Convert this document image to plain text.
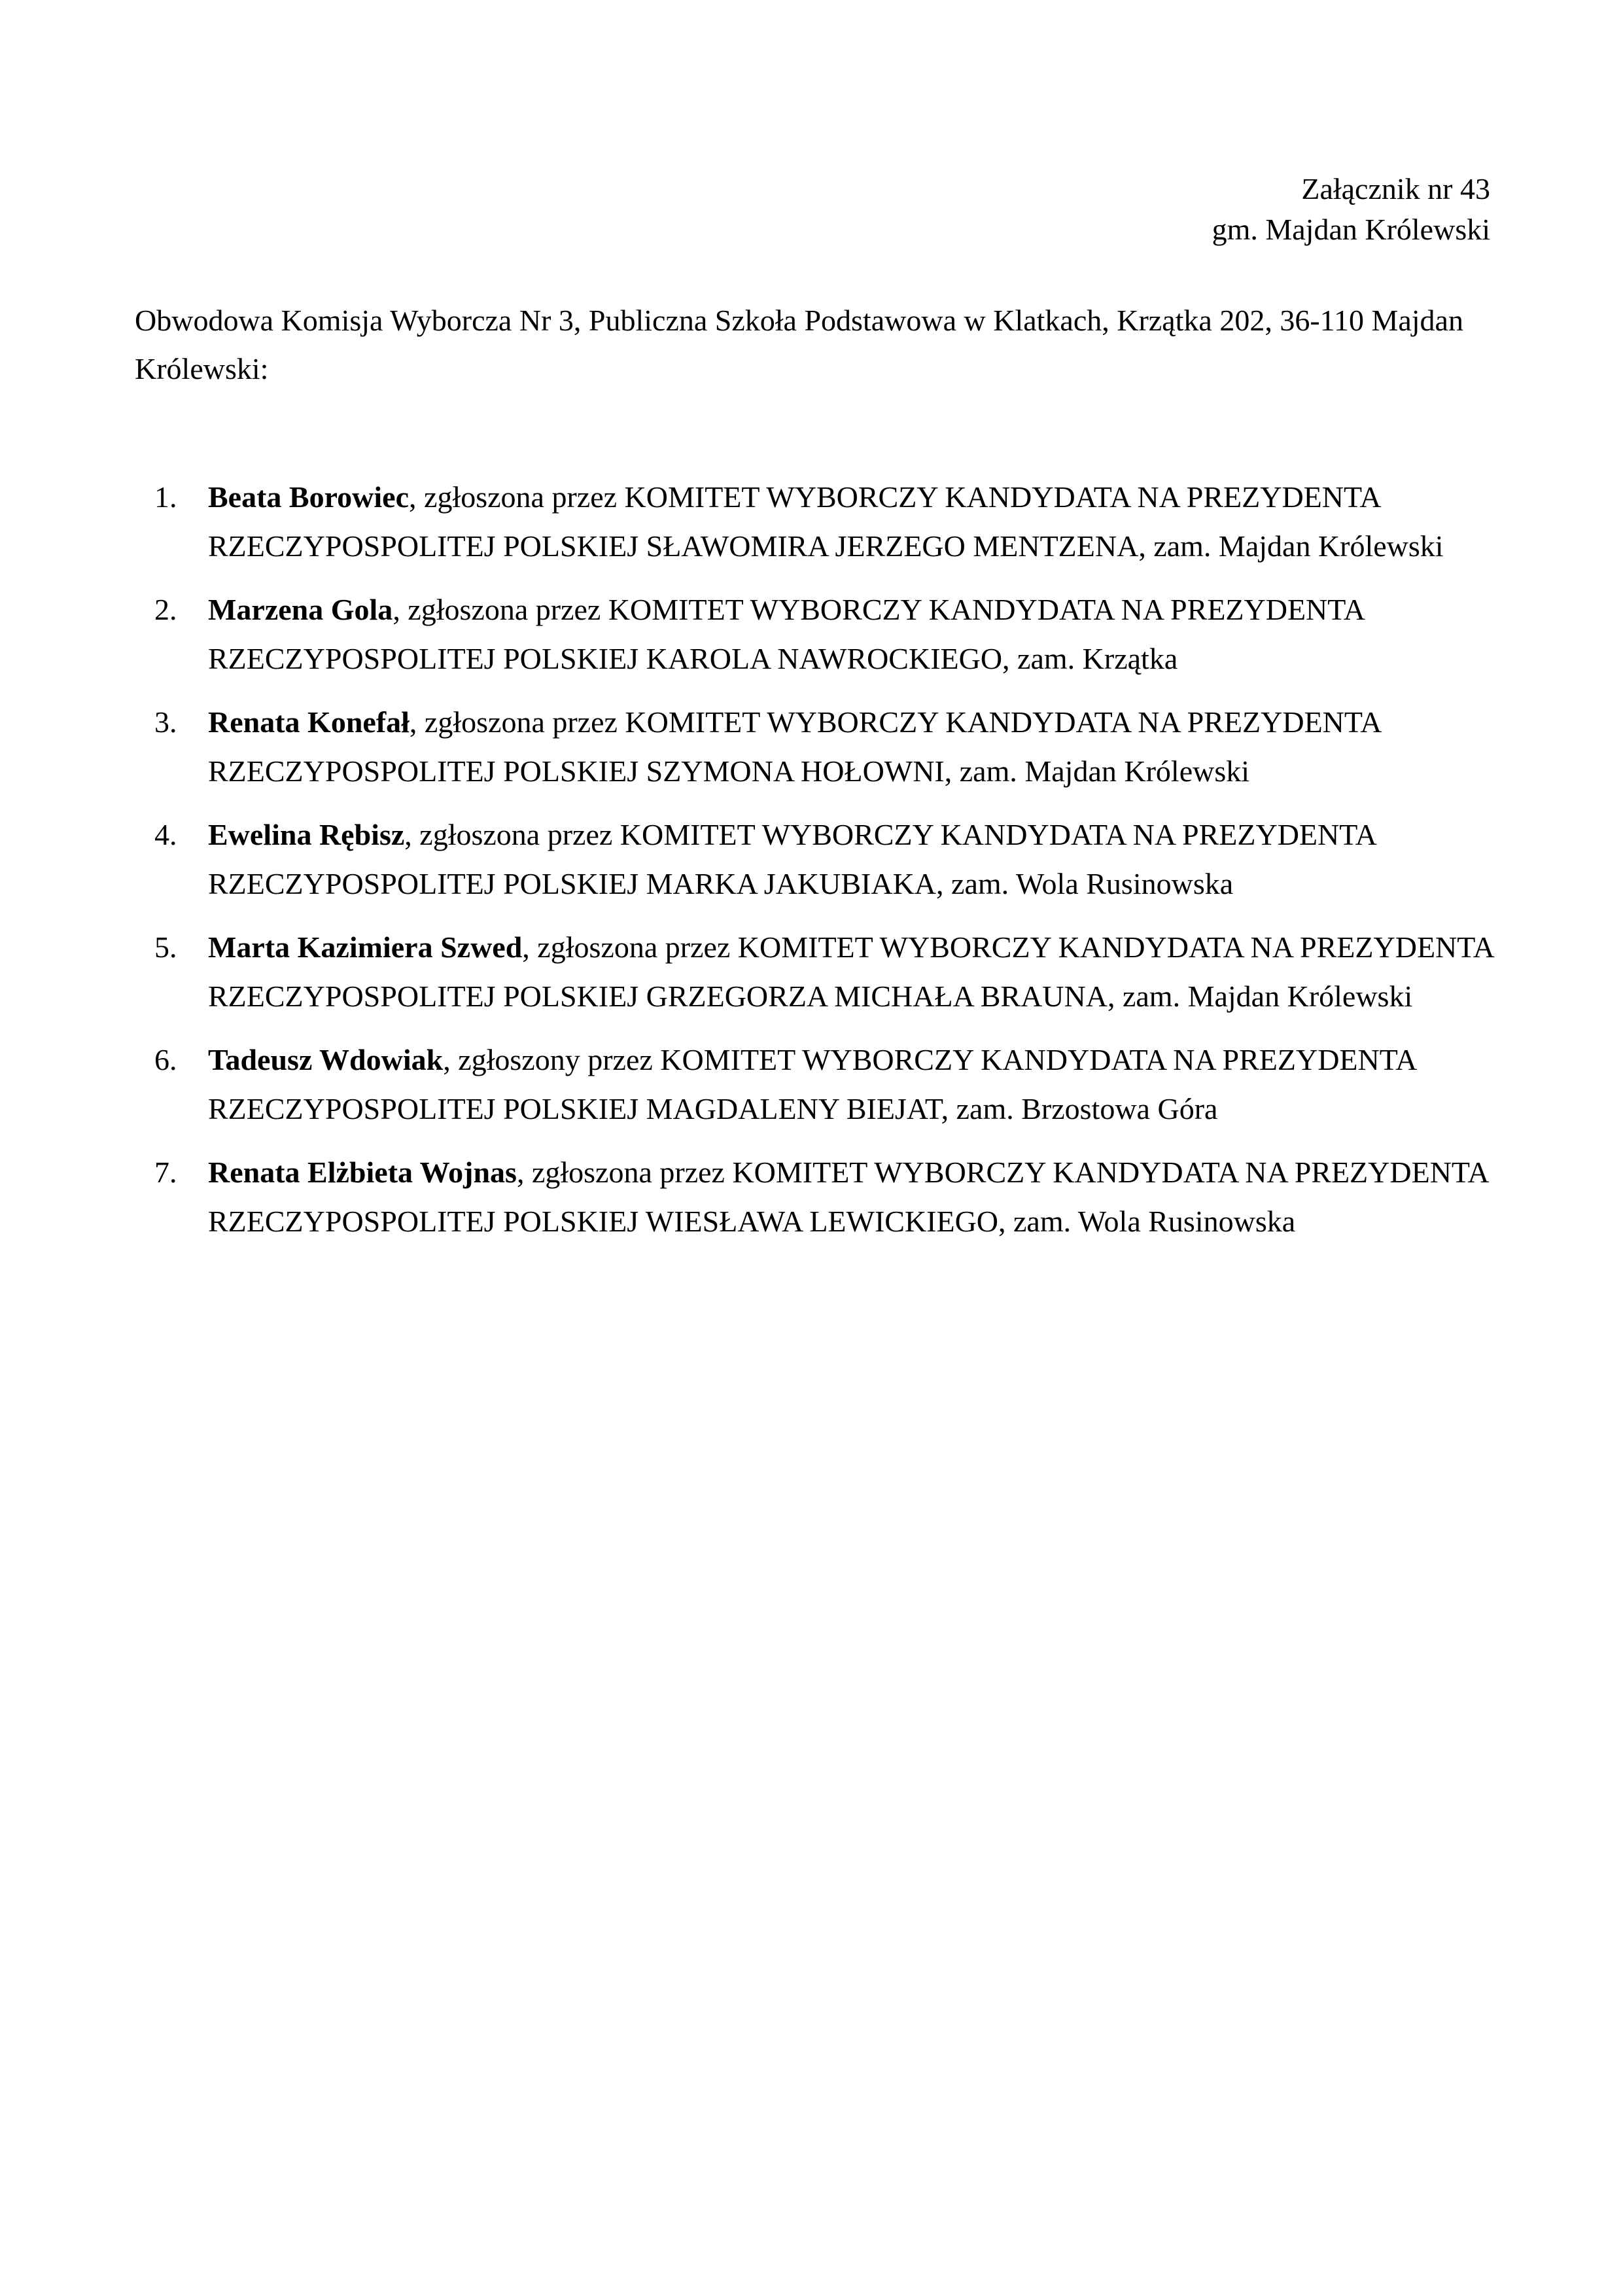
Załącznik nr 43
gm. Majdan Królewski
Obwodowa Komisja Wyborcza Nr 3, Publiczna Szkoła Podstawowa w Klatkach, Krzątka 202, 36-110 Majdan Królewski:
1. Beata Borowiec, zgłoszona przez KOMITET WYBORCZY KANDYDATA NA PREZYDENTA RZECZYPOSPOLITEJ POLSKIEJ SŁAWOMIRA JERZEGO MENTZENA, zam. Majdan Królewski
2. Marzena Gola, zgłoszona przez KOMITET WYBORCZY KANDYDATA NA PREZYDENTA RZECZYPOSPOLITEJ POLSKIEJ KAROLA NAWROCKIEGO, zam. Krzątka
3. Renata Konefał, zgłoszona przez KOMITET WYBORCZY KANDYDATA NA PREZYDENTA RZECZYPOSPOLITEJ POLSKIEJ SZYMONA HOŁOWNI, zam. Majdan Królewski
4. Ewelina Rębisz, zgłoszona przez KOMITET WYBORCZY KANDYDATA NA PREZYDENTA RZECZYPOSPOLITEJ POLSKIEJ MARKA JAKUBIAKA, zam. Wola Rusinowska
5. Marta Kazimiera Szwed, zgłoszona przez KOMITET WYBORCZY KANDYDATA NA PREZYDENTA RZECZYPOSPOLITEJ POLSKIEJ GRZEGORZA MICHAŁA BRAUNA, zam. Majdan Królewski
6. Tadeusz Wdowiak, zgłoszony przez KOMITET WYBORCZY KANDYDATA NA PREZYDENTA RZECZYPOSPOLITEJ POLSKIEJ MAGDALENY BIEJAT, zam. Brzostowa Góra
7. Renata Elżbieta Wojnas, zgłoszona przez KOMITET WYBORCZY KANDYDATA NA PREZYDENTA RZECZYPOSPOLITEJ POLSKIEJ WIESŁAWA LEWICKIEGO, zam. Wola Rusinowska
